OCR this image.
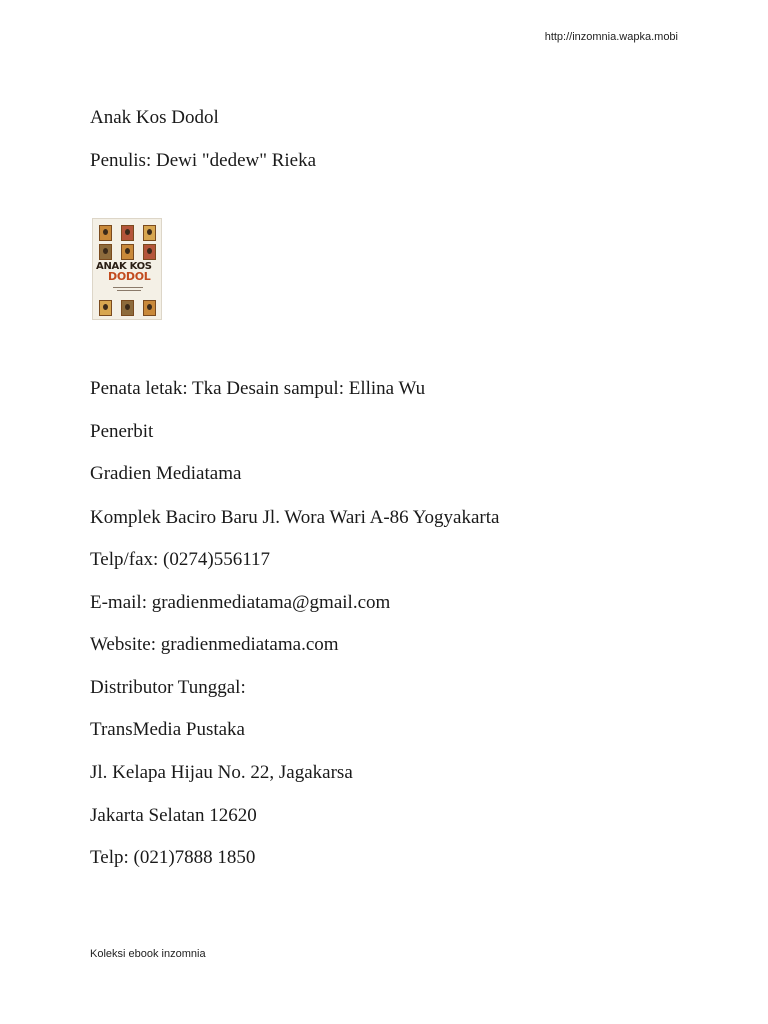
http://inzomnia.wapka.mobi
Anak Kos Dodol
Penulis: Dewi "dedew" Rieka
ANAK KOS
DODOL
Penata letak: Tka Desain sampul: Ellina Wu
Penerbit
Gradien Mediatama
Komplek Baciro Baru Jl. Wora Wari A-86 Yogyakarta
Telp/fax: (0274)556117
E-mail: gradienmediatama@gmail.com
Website: gradienmediatama.com
Distributor Tunggal:
TransMedia Pustaka
Jl. Kelapa Hijau No. 22, Jagakarsa
Jakarta Selatan 12620
Telp: (021)7888 1850
Koleksi ebook inzomnia
